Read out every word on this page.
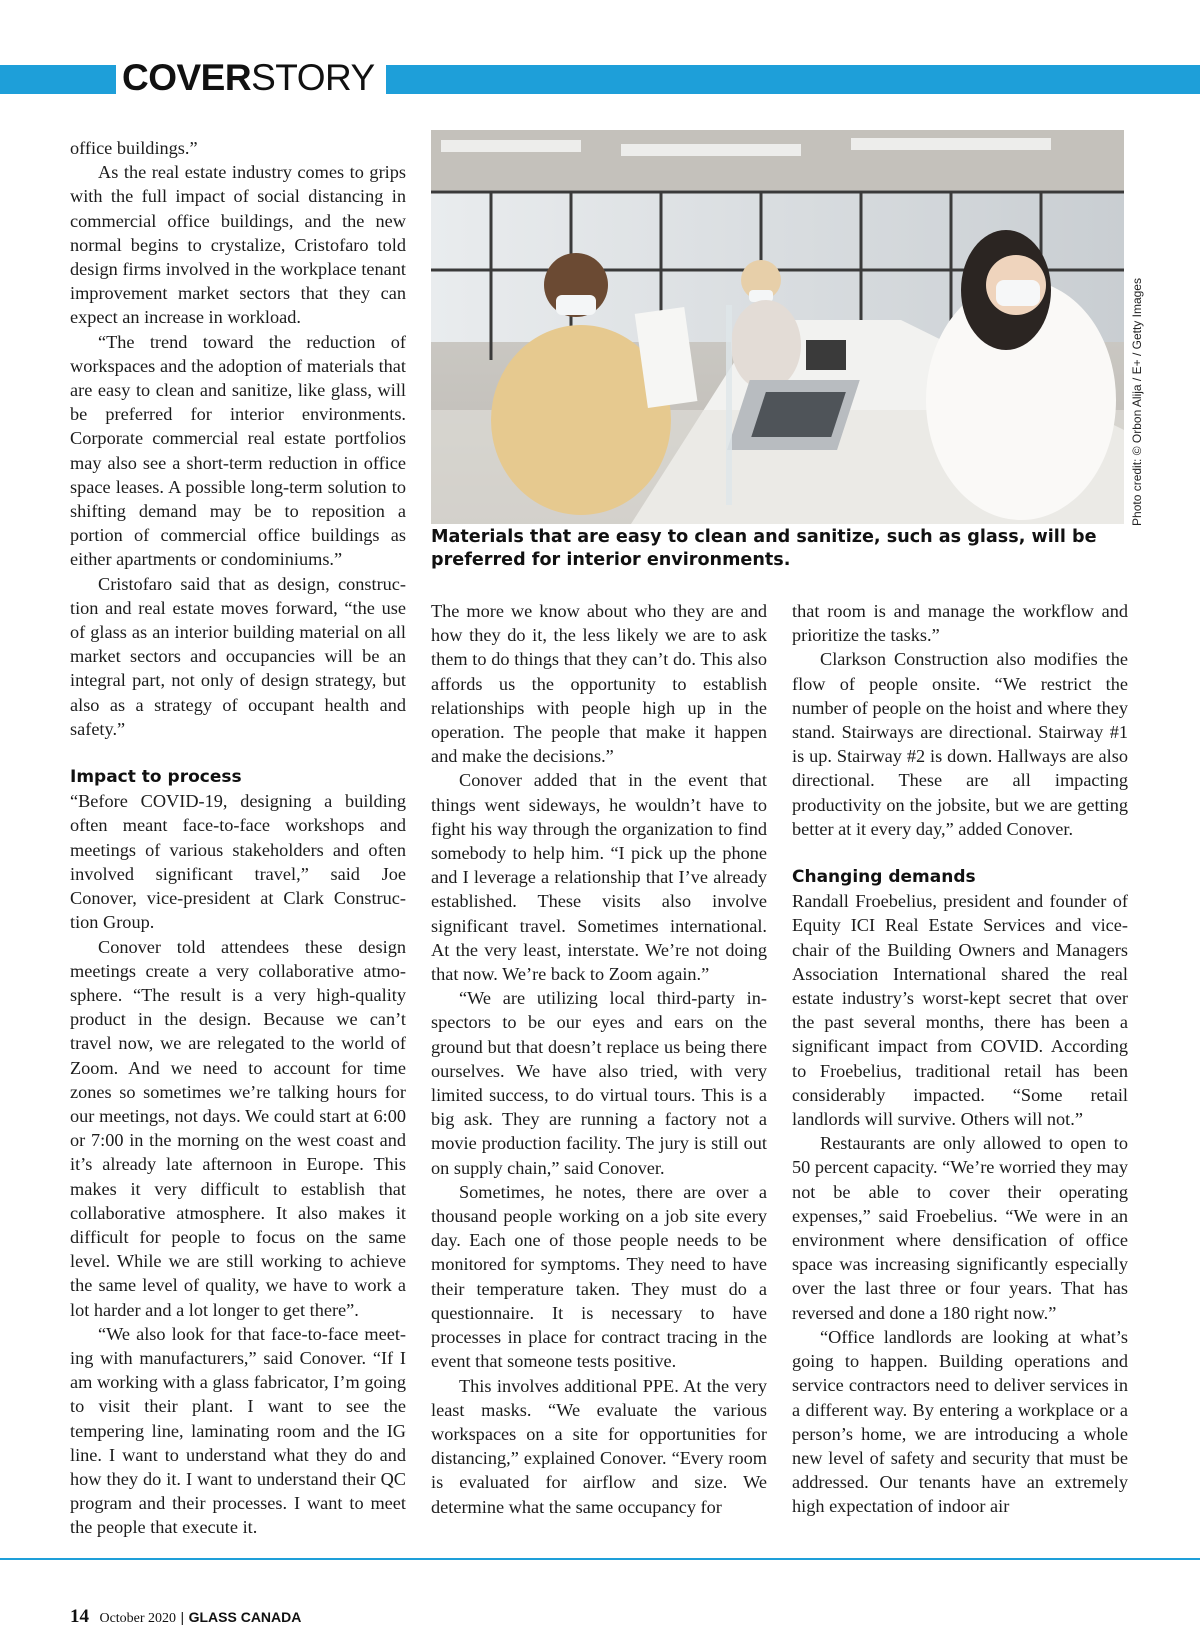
COVERSTORY

office buildings.”

As the real estate industry comes to grips with the full impact of social distancing in commercial office buildings, and the new normal begins to crystalize, Cristofaro told design firms involved in the workplace tenant improvement market sectors that they can expect an increase in workload.

“The trend toward the reduction of workspaces and the adoption of materials that are easy to clean and sanitize, like glass, will be preferred for interior environments. Corporate commercial real estate portfolios may also see a short-term reduction in office space leases. A possible long-term solution to shifting demand may be to reposition a portion of commercial office buildings as either apartments or condominiums.”

Cristofaro said that as design, construction and real estate moves forward, “the use of glass as an interior building material on all market sectors and occupancies will be an integral part, not only of design strategy, but also as a strategy of occupant health and safety.”

Impact to process

“Before COVID-19, designing a building often meant face-to-face workshops and meetings of various stakeholders and often involved significant travel,” said Joe Conover, vice-president at Clark Construction Group.

Conover told attendees these design meetings create a very collaborative atmosphere. “The result is a very high-quality product in the design. Because we can’t travel now, we are relegated to the world of Zoom. And we need to account for time zones so sometimes we’re talking hours for our meetings, not days. We could start at 6:00 or 7:00 in the morning on the west coast and it’s already late afternoon in Europe. This makes it very difficult to establish that collaborative atmosphere. It also makes it difficult for people to focus on the same level. While we are still working to achieve the same level of quality, we have to work a lot harder and a lot longer to get there”.

“We also look for that face-to-face meeting with manufacturers,” said Conover. “If I am working with a glass fabricator, I’m going to visit their plant. I want to see the tempering line, laminating room and the IG line. I want to understand what they do and how they do it. I want to understand their QC program and their processes. I want to meet the people that execute it.

Photo credit: © Orbon Alija / E+ / Getty Images
Materials that are easy to clean and sanitize, such as glass, will be preferred for interior environments.

The more we know about who they are and how they do it, the less likely we are to ask them to do things that they can’t do. This also affords us the opportunity to establish relationships with people high up in the operation. The people that make it happen and make the decisions.”

Conover added that in the event that things went sideways, he wouldn’t have to fight his way through the organization to find somebody to help him. “I pick up the phone and I leverage a relationship that I’ve already established. These visits also involve significant travel. Sometimes international. At the very least, interstate. We’re not doing that now. We’re back to Zoom again.”

“We are utilizing local third-party inspectors to be our eyes and ears on the ground but that doesn’t replace us being there ourselves. We have also tried, with very limited success, to do virtual tours. This is a big ask. They are running a factory not a movie production facility. The jury is still out on supply chain,” said Conover.

Sometimes, he notes, there are over a thousand people working on a job site every day. Each one of those people needs to be monitored for symptoms. They need to have their temperature taken. They must do a questionnaire. It is necessary to have processes in place for contract tracing in the event that someone tests positive.

This involves additional PPE. At the very least masks. “We evaluate the various workspaces on a site for opportunities for distancing,” explained Conover. “Every room is evaluated for airflow and size. We determine what the same occupancy for

that room is and manage the workflow and prioritize the tasks.”

Clarkson Construction also modifies the flow of people onsite. “We restrict the number of people on the hoist and where they stand. Stairways are directional. Stairway #1 is up. Stairway #2 is down. Hallways are also directional. These are all impacting productivity on the jobsite, but we are getting better at it every day,” added Conover.

Changing demands

Randall Froebelius, president and founder of Equity ICI Real Estate Services and vice-chair of the Building Owners and Managers Association International shared the real estate industry’s worst-kept secret that over the past several months, there has been a significant impact from COVID. According to Froebelius, traditional retail has been considerably impacted. “Some retail landlords will survive. Others will not.”

Restaurants are only allowed to open to 50 percent capacity. “We’re worried they may not be able to cover their operating expenses,” said Froebelius. “We were in an environment where densification of office space was increasing significantly especially over the last three or four years. That has reversed and done a 180 right now.”

“Office landlords are looking at what’s going to happen. Building operations and service contractors need to deliver services in a different way. By entering a workplace or a person’s home, we are introducing a whole new level of safety and security that must be addressed. Our tenants have an extremely high expectation of indoor air

14 October 2020 | GLASS CANADA
